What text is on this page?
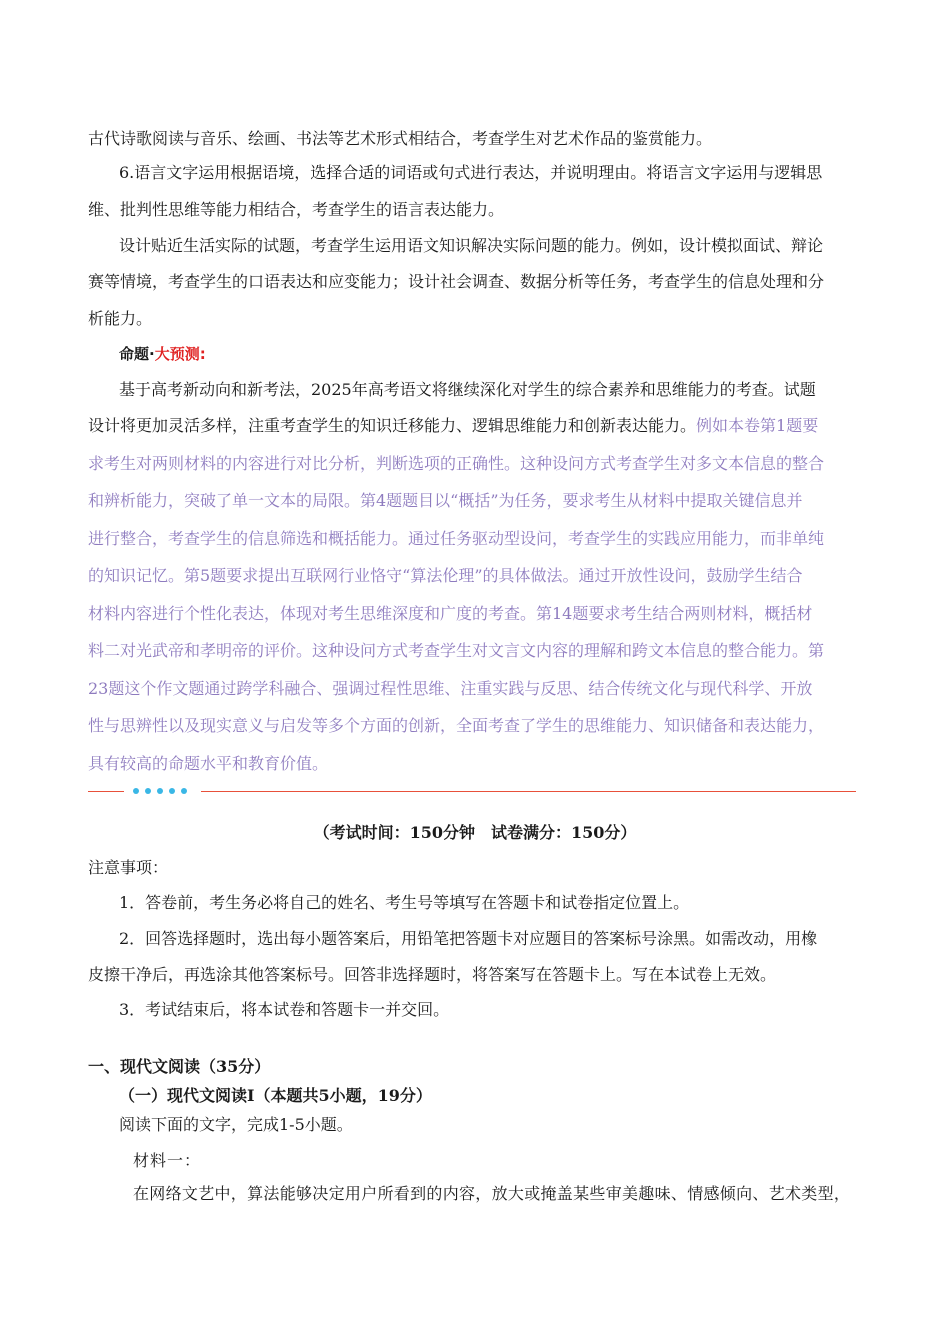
古代诗歌阅读与音乐、绘画、书法等艺术形式相结合，考查学生对艺术作品的鉴赏能力。
6.语言文字运用根据语境，选择合适的词语或句式进行表达，并说明理由。将语言文字运用与逻辑思
维、批判性思维等能力相结合，考查学生的语言表达能力。
设计贴近生活实际的试题，考查学生运用语文知识解决实际问题的能力。例如，设计模拟面试、辩论
赛等情境，考查学生的口语表达和应变能力；设计社会调查、数据分析等任务，考查学生的信息处理和分
析能力。
命题·大预测:
基于高考新动向和新考法，2025年高考语文将继续深化对学生的综合素养和思维能力的考查。试题
设计将更加灵活多样，注重考查学生的知识迁移能力、逻辑思维能力和创新表达能力。例如本卷第1题要
求考生对两则材料的内容进行对比分析，判断选项的正确性。这种设问方式考查学生对多文本信息的整合
和辨析能力，突破了单一文本的局限。第4题题目以“概括”为任务，要求考生从材料中提取关键信息并
进行整合，考查学生的信息筛选和概括能力。通过任务驱动型设问，考查学生的实践应用能力，而非单纯
的知识记忆。第5题要求提出互联网行业恪守“算法伦理”的具体做法。通过开放性设问，鼓励学生结合
材料内容进行个性化表达，体现对考生思维深度和广度的考查。第14题要求考生结合两则材料，概括材
料二对光武帝和孝明帝的评价。这种设问方式考查学生对文言文内容的理解和跨文本信息的整合能力。第
23题这个作文题通过跨学科融合、强调过程性思维、注重实践与反思、结合传统文化与现代科学、开放
性与思辨性以及现实意义与启发等多个方面的创新，全面考查了学生的思维能力、知识储备和表达能力，
具有较高的命题水平和教育价值。
（考试时间：150分钟　试卷满分：150分）
注意事项：
1．答卷前，考生务必将自己的姓名、考生号等填写在答题卡和试卷指定位置上。
2．回答选择题时，选出每小题答案后，用铅笔把答题卡对应题目的答案标号涂黑。如需改动，用橡
皮擦干净后，再选涂其他答案标号。回答非选择题时，将答案写在答题卡上。写在本试卷上无效。
3．考试结束后，将本试卷和答题卡一并交回。
一、现代文阅读（35分）
（一）现代文阅读Ⅰ（本题共5小题，19分）
阅读下面的文字，完成1-5小题。
材料一：
在网络文艺中，算法能够决定用户所看到的内容，放大或掩盖某些审美趣味、情感倾向、艺术类型，
